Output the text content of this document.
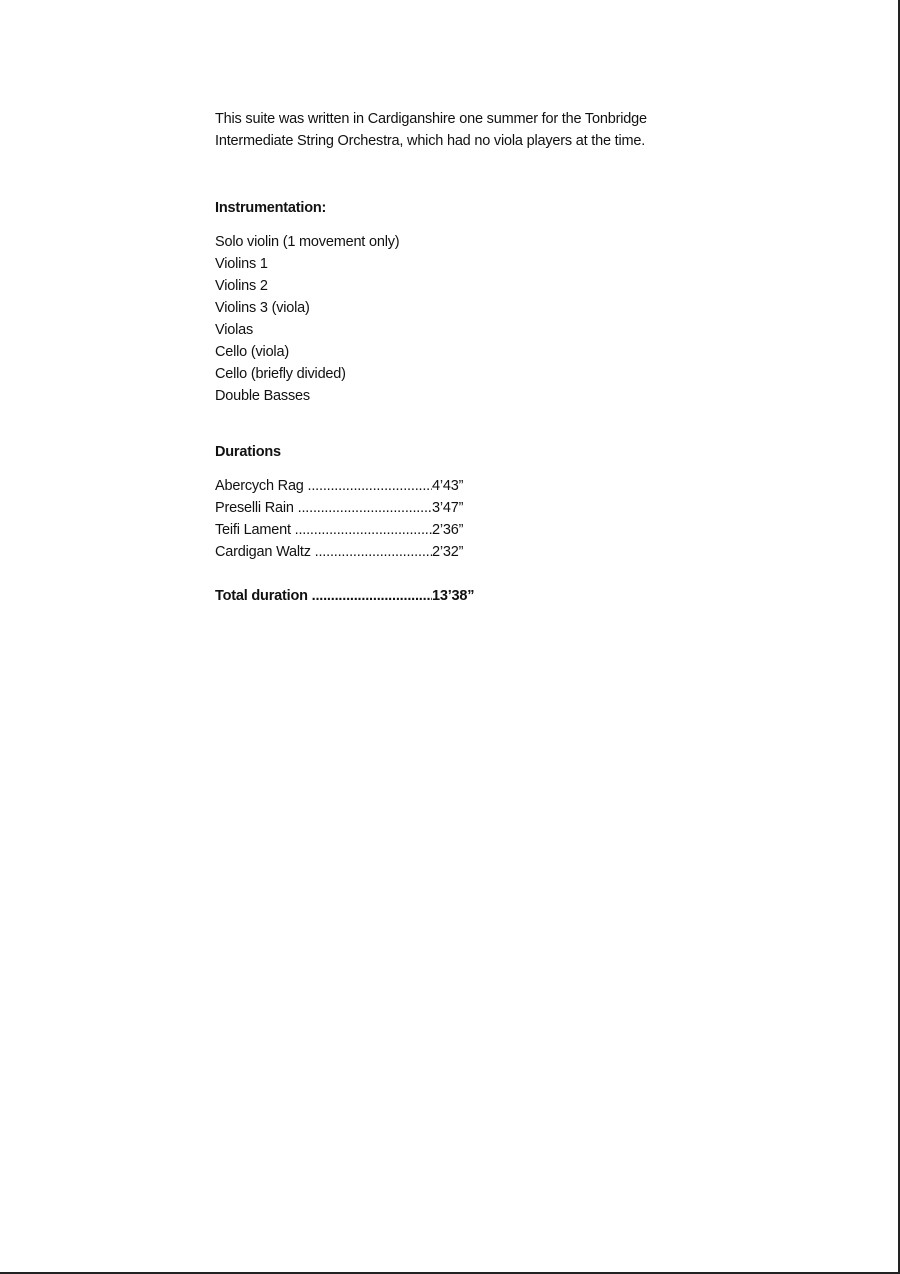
This suite was written in Cardiganshire one summer for the Tonbridge Intermediate String Orchestra, which had no viola players at the time.

Instrumentation:

Solo violin (1 movement only)
Violins 1
Violins 2
Violins 3 (viola)
Violas
Cello (viola)
Cello (briefly divided)
Double Basses

Durations

Abercych Rag .....	4’43”
Preselli Rain .....	3’47”
Teifi Lament .....	2’36”
Cardigan Waltz .....	2’32”
Total duration .....	13’38”
